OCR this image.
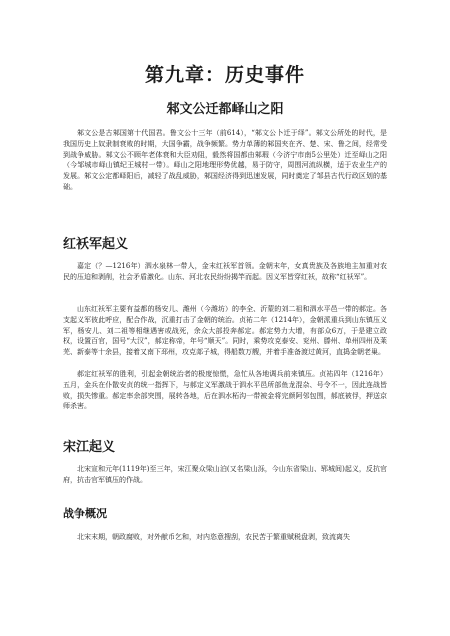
第九章：历史事件
邾文公迁都峄山之阳

邾文公是古邾国第十代国君。鲁文公十三年（前614），“邾文公卜迁于绎”。邾文公所处的时代，是我国历史上奴隶制衰败的时期，大国争霸，战争频繁。势力单薄的邾国夹在齐、楚、宋、鲁之间，经常受到战争威胁。邾文公不顾年老体衰和大臣劝阻，毅然将国都由邾瑕（今济宁市南5公里处）迁至峄山之阳（今邹城市峄山镇纪王城村一带）。峄山之阳地理形势优越，易于防守，周围河流纵横，适于农业生产的发展。邾文公定都峄阳后，减轻了战乱威胁，邾国经济得到迅速发展，同时奠定了邹县古代行政区划的基础。

红袄军起义

嘉定（？—1216年）泗水泉林一带人，金末红袄军首领。金朝末年，女真贵族及各族地主加重对农民的压迫和剥削，社会矛盾激化。山东、河北农民纷纷揭竿而起。因义军皆穿红袄，故称“红袄军”。

山东红袄军主要有益都的杨安儿、潍州（今潍坊）的李全、沂蒙的刘二祖和泗水平邑一带的郝定。各支起义军彼此呼应，配合作战，沉重打击了金朝的统治。贞祐二年（1214年），金朝派重兵到山东镇压义军，杨安儿、刘二祖等相继遇害或战死，余众大部投奔郝定。郝定势力大增，有部众6万，于是建立政权，设置百官，国号“大汉”，郝定称帝，年号“顺天”。同时，乘势攻克泰安、兖州、滕州、单州四州及莱芜、新泰等十余县，接着又南下邳州，攻克郯子城，得船数万艘，并着手准备渡过黄河，直捣金朝老巢。

郝定红袄军的胜利，引起金朝统治者的极度惊慌，急忙从各地调兵前来镇压。贞祐四年（1216年）五月，金兵在仆散安贞的统一指挥下，与郝定义军激战于泗水平邑所部鱼龙混杂、号令不一，因此连战皆败，损失惨重。郝定率余部突围，展转各地，后在泗水柘沟一带被金将完颜阿邻包围，郝底被俘，押送京师杀害。

宋江起义

北宋宣和元年(1119年)至三年，宋江聚众梁山泊(又名梁山泺，今山东省梁山、郓城间)起义，反抗官府，抗击官军镇压的作战。

战争概况

北宋末期，朝政腐败，对外献币乞和，对内恣意搜刮，农民苦于繁重赋税盘剥，致流离失
